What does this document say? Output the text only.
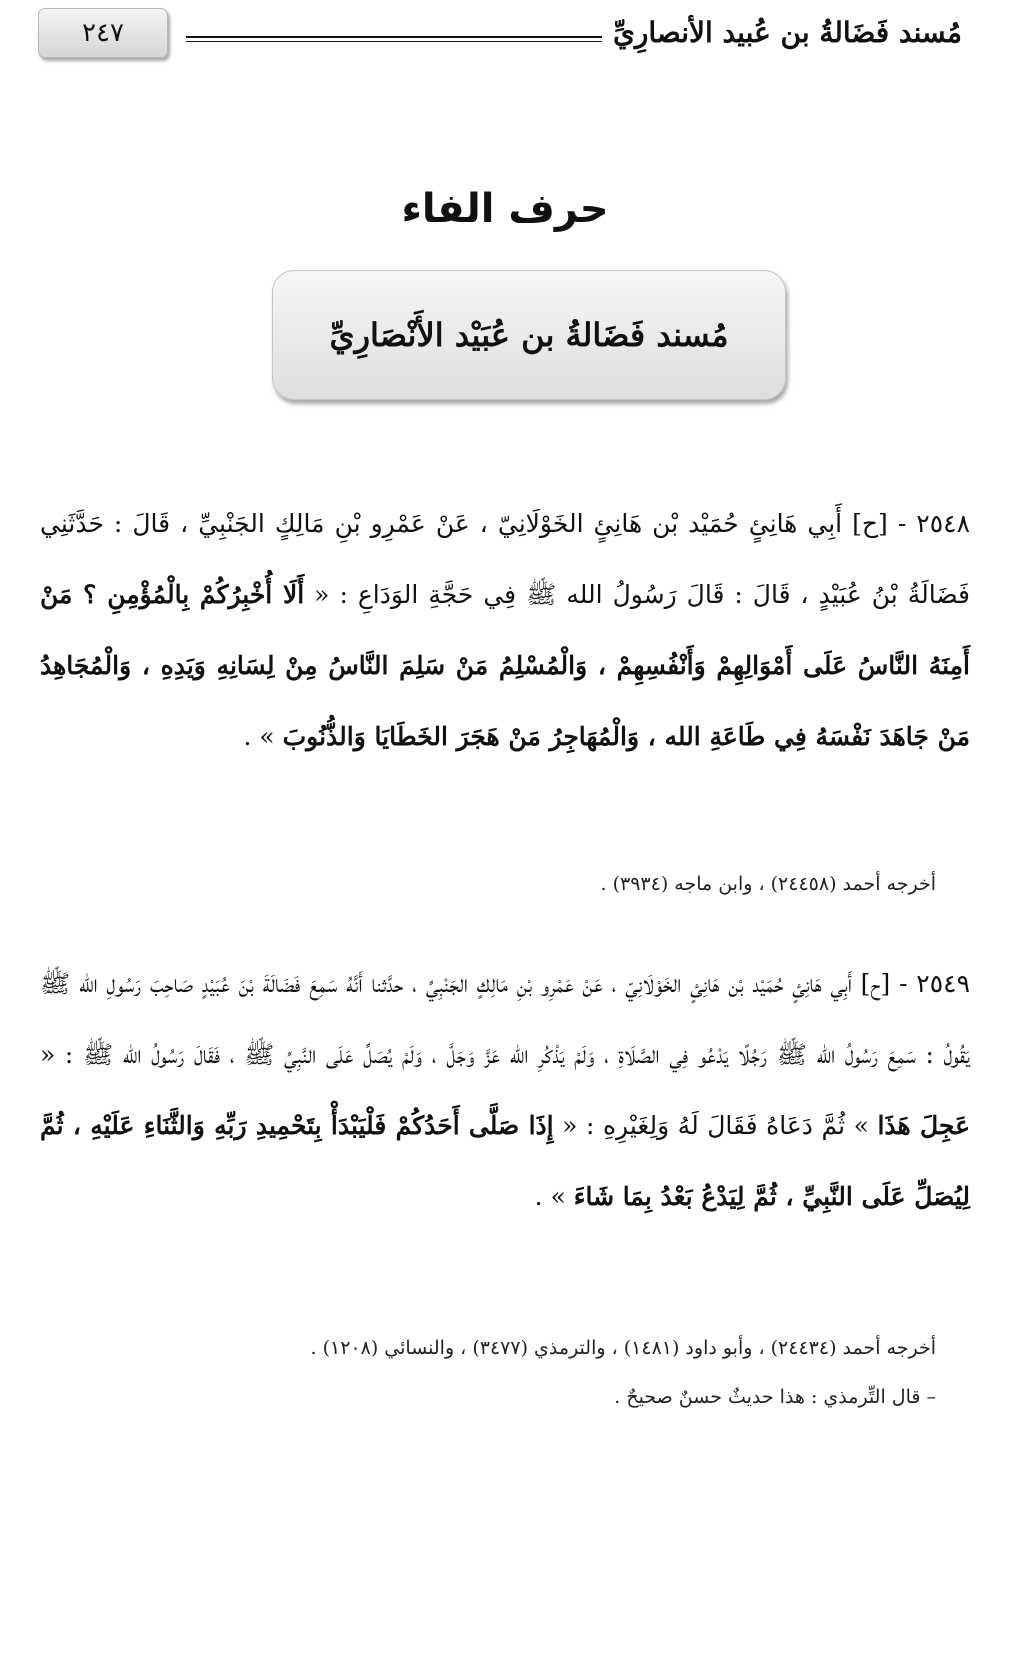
٢٤٧	مُسند فَضَالةُ بن عُبيد الأنصارِيِّ
حرف الفاء
مُسند فَضَالةُ بن عُبَيْد الأَنْصَارِيِّ
٢٥٤٨ - [ح] أَبِي هَانِئٍ حُمَيْد بْن هَانِئٍ الخَوْلَانِيّ ، عَنْ عَمْرِو بْنِ مَالِكٍ الجَنْبِيِّ ، قَالَ : حَدَّثَنِي فَضَالَةُ بْنُ عُبَيْدٍ ، قَالَ : قَالَ رَسُولُ الله ﷺ فِي حَجَّةِ الوَدَاعِ : « أَلَا أُخْبِرُكُمْ بِالْمُؤْمِنِ ؟ مَنْ أَمِنَهُ النَّاسُ عَلَى أَمْوَالِهِمْ وَأَنْفُسِهِمْ ، وَالْمُسْلِمُ مَنْ سَلِمَ النَّاسُ مِنْ لِسَانِهِ وَيَدِهِ ، وَالْمُجَاهِدُ مَنْ جَاهَدَ نَفْسَهُ فِي طَاعَةِ الله ، وَالْمُهَاجِرُ مَنْ هَجَرَ الخَطَايَا وَالذُّنُوبَ » .
أخرجه أحمد (٢٤٤٥٨) ، وابن ماجه (٣٩٣٤) .
٢٥٤٩ - [ح] أَبِي هَانِئٍ حُمَيْد بْن هَانِئٍ الخَوْلَانِيّ ، عَنْ عَمْرِو بْنِ مَالِكٍ الجَنْبِيِّ ، حدَّثنا أَنَّهُ سَمِعَ فَضَالَةَ بْنَ عُبَيْدٍ صَاحِبَ رَسُولِ الله ﷺ يَقُولُ : سَمِعَ رَسُولُ الله ﷺ رَجُلًا يَدْعُو فِي الصَّلَاةِ ، وَلَمْ يَذْكُرِ الله عَزَّ وَجَلَّ ، وَلَمْ يُصَلِّ عَلَى النَّبِيِّ ﷺ ، فَقَالَ رَسُولُ الله ﷺ : « عَجِلَ هَذَا » ثُمَّ دَعَاهُ فَقَالَ لَهُ وَلِغَيْرِهِ : « إِذَا صَلَّى أَحَدُكُمْ فَلْيَبْدَأْ بِتَحْمِيدِ رَبِّهِ وَالثَّنَاءِ عَلَيْهِ ، ثُمَّ لِيُصَلِّ عَلَى النَّبِيِّ ، ثُمَّ لِيَدْعُ بَعْدُ بِمَا شَاءَ » .
أخرجه أحمد (٢٤٤٣٤) ، وأبو داود (١٤٨١) ، والترمذي (٣٤٧٧) ، والنسائي (١٢٠٨) .
– قال التِّرمذي : هذا حديثٌ حسنٌ صحيحٌ .
